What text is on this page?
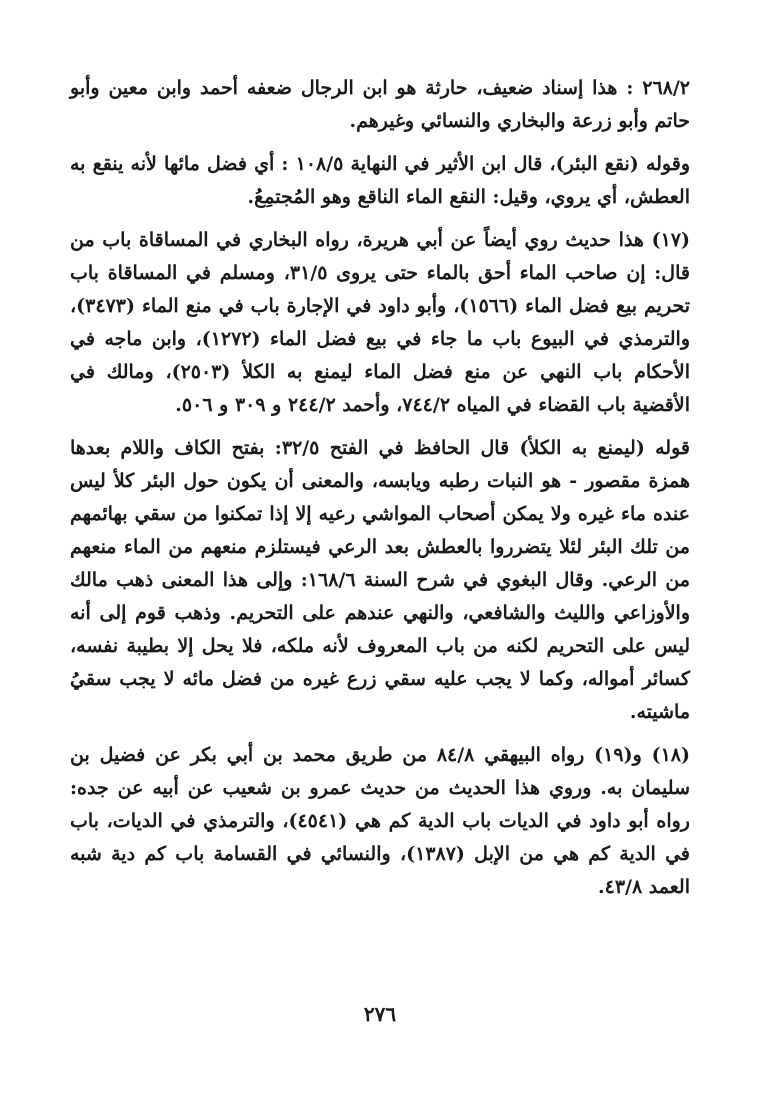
٢٦٨/٢ : هذا إسناد ضعيف، حارثة هو ابن الرجال ضعفه أحمد وابن معين وأبو حاتم وأبو زرعة والبخاري والنسائي وغيرهم.

وقوله (نقع البئر)، قال ابن الأثير في النهاية ١٠٨/٥ : أي فضل مائها لأنه ينقع به العطش، أي يروي، وقيل: النقع الماء الناقع وهو المُجتمِعُ.

(١٧) هذا حديث روي أيضاً عن أبي هريرة، رواه البخاري في المساقاة باب من قال: إن صاحب الماء أحق بالماء حتى يروى ٣١/٥، ومسلم في المساقاة باب تحريم بيع فضل الماء (١٥٦٦)، وأبو داود في الإجارة باب في منع الماء (٣٤٧٣)، والترمذي في البيوع باب ما جاء في بيع فضل الماء (١٢٧٢)، وابن ماجه في الأحكام باب النهي عن منع فضل الماء ليمنع به الكلأ (٢٥٠٣)، ومالك في الأقضية باب القضاء في المياه ٧٤٤/٢، وأحمد ٢٤٤/٢ و ٣٠٩ و ٥٠٦.

قوله (ليمنع به الكلأ) قال الحافظ في الفتح ٣٢/٥: بفتح الكاف واللام بعدها همزة مقصور - هو النبات رطبه ويابسه، والمعنى أن يكون حول البئر كلأ ليس عنده ماء غيره ولا يمكن أصحاب المواشي رعيه إلا إذا تمكنوا من سقي بهائمهم من تلك البئر لئلا يتضرروا بالعطش بعد الرعي فيستلزم منعهم من الماء منعهم من الرعي. وقال البغوي في شرح السنة ١٦٨/٦: وإلى هذا المعنى ذهب مالك والأوزاعي والليث والشافعي، والنهي عندهم على التحريم. وذهب قوم إلى أنه ليس على التحريم لكنه من باب المعروف لأنه ملكه، فلا يحل إلا بطيبة نفسه، كسائر أمواله، وكما لا يجب عليه سقي زرع غيره من فضل مائه لا يجب سقيُ ماشيته.

(١٨) و(١٩) رواه البيهقي ٨٤/٨ من طريق محمد بن أبي بكر عن فضيل بن سليمان به. وروي هذا الحديث من حديث عمرو بن شعيب عن أبيه عن جده: رواه أبو داود في الديات باب الدية كم هي (٤٥٤١)، والترمذي في الديات، باب في الدية كم هي من الإبل (١٣٨٧)، والنسائي في القسامة باب كم دية شبه العمد ٤٣/٨.

٢٧٦
